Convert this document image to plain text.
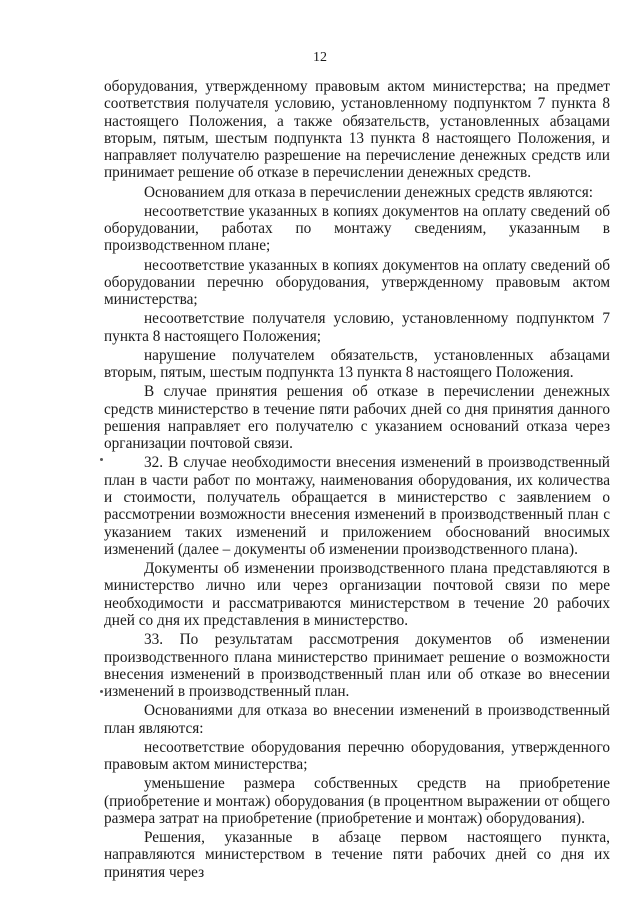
12

оборудования, утвержденному правовым актом министерства; на предмет соответствия получателя условию, установленному подпунктом 7 пункта 8 настоящего Положения, а также обязательств, установленных абзацами вторым, пятым, шестым подпункта 13 пункта 8 настоящего Положения, и направляет получателю разрешение на перечисление денежных средств или принимает решение об отказе в перечислении денежных средств.

Основанием для отказа в перечислении денежных средств являются:

несоответствие указанных в копиях документов на оплату сведений об оборудовании, работах по монтажу сведениям, указанным в производственном плане;

несоответствие указанных в копиях документов на оплату сведений об оборудовании перечню оборудования, утвержденному правовым актом министерства;

несоответствие получателя условию, установленному подпунктом 7 пункта 8 настоящего Положения;

нарушение получателем обязательств, установленных абзацами вторым, пятым, шестым подпункта 13 пункта 8 настоящего Положения.

В случае принятия решения об отказе в перечислении денежных средств министерство в течение пяти рабочих дней со дня принятия данного решения направляет его получателю с указанием оснований отказа через организации почтовой связи.

32. В случае необходимости внесения изменений в производственный план в части работ по монтажу, наименования оборудования, их количества и стоимости, получатель обращается в министерство с заявлением о рассмотрении возможности внесения изменений в производственный план с указанием таких изменений и приложением обоснований вносимых изменений (далее – документы об изменении производственного плана).

Документы об изменении производственного плана представляются в министерство лично или через организации почтовой связи по мере необходимости и рассматриваются министерством в течение 20 рабочих дней со дня их представления в министерство.

33. По результатам рассмотрения документов об изменении производственного плана министерство принимает решение о возможности внесения изменений в производственный план или об отказе во внесении изменений в производственный план.

Основаниями для отказа во внесении изменений в производственный план являются:

несоответствие оборудования перечню оборудования, утвержденного правовым актом министерства;

уменьшение размера собственных средств на приобретение (приобретение и монтаж) оборудования (в процентном выражении от общего размера затрат на приобретение (приобретение и монтаж) оборудования).

Решения, указанные в абзаце первом настоящего пункта, направляются министерством в течение пяти рабочих дней со дня их принятия через
